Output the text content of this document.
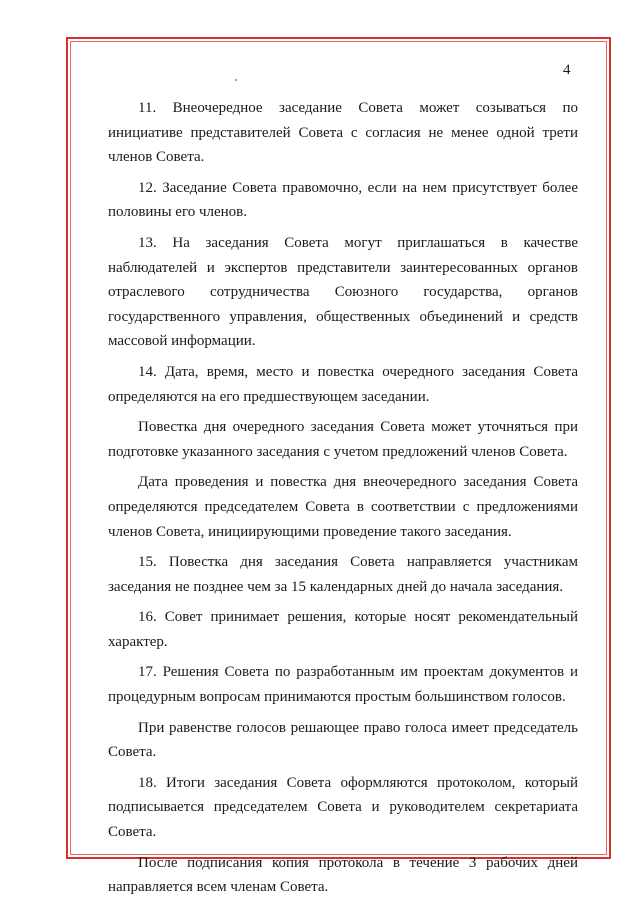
4

11. Внеочередное заседание Совета может созываться по инициативе представителей Совета с согласия не менее одной трети членов Совета.

12. Заседание Совета правомочно, если на нем присутствует более половины его членов.

13. На заседания Совета могут приглашаться в качестве наблюдателей и экспертов представители заинтересованных органов отраслевого сотрудничества Союзного государства, органов государственного управления, общественных объединений и средств массовой информации.

14. Дата, время, место и повестка очередного заседания Совета определяются на его предшествующем заседании.

Повестка дня очередного заседания Совета может уточняться при подготовке указанного заседания с учетом предложений членов Совета.

Дата проведения и повестка дня внеочередного заседания Совета определяются председателем Совета в соответствии с предложениями членов Совета, инициирующими проведение такого заседания.

15. Повестка дня заседания Совета направляется участникам заседания не позднее чем за 15 календарных дней до начала заседания.

16. Совет принимает решения, которые носят рекомендательный характер.

17. Решения Совета по разработанным им проектам документов и процедурным вопросам принимаются простым большинством голосов.

При равенстве голосов решающее право голоса имеет председатель Совета.

18. Итоги заседания Совета оформляются протоколом, который подписывается председателем Совета и руководителем секретариата Совета.

После подписания копия протокола в течение 3 рабочих дней направляется всем членам Совета.
